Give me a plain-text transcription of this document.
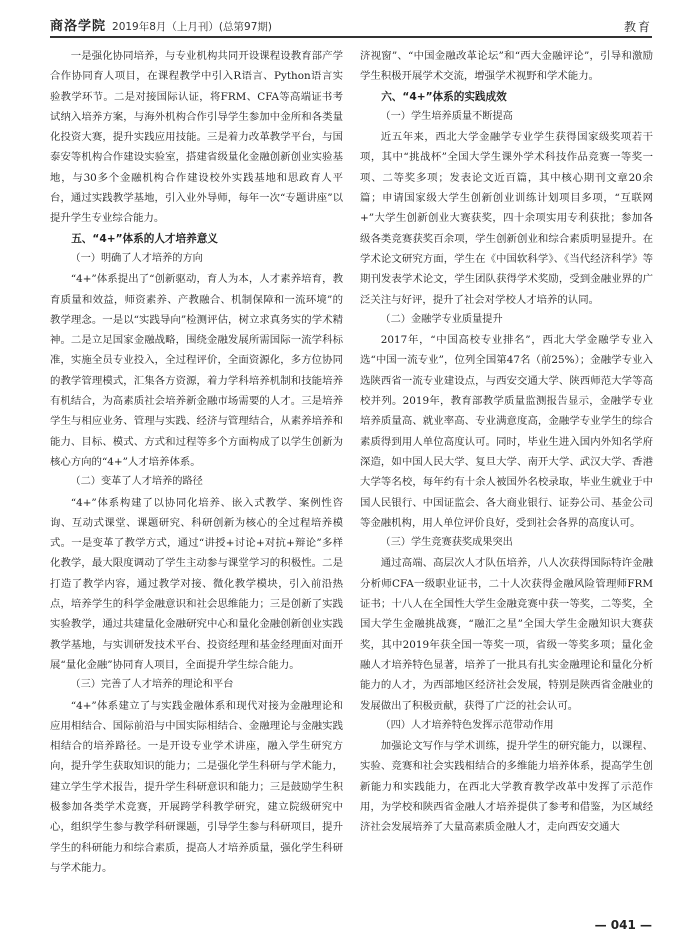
商洛学院 2019年8月（上月刊）(总第97期)	教育

一是强化协同培养，与专业机构共同开设课程设教育部产学合作协同育人项目，在课程教学中引入R语言、Python语言实验教学环节。二是对接国际认证，将FRM、CFA等高端证书考试纳入培养方案，与海外机构合作引导学生参加中金所和各类量化投资大赛，提升实践应用技能。三是着力改革教学平台，与国泰安等机构合作建设实验室，搭建省级量化金融创新创业实验基地，与30多个金融机构合作建设校外实践基地和思政育人平台，通过实践教学基地，引入业外导师，每年一次“专题讲座”以提升学生专业综合能力。

五、“4+”体系的人才培养意义

（一）明确了人才培养的方向

“4+”体系提出了“创新驱动，育人为本，人才素养培育，教育质量和效益，师资素养、产教融合、机制保障和一流环境”的教学理念。一是以“实践导向”检测评估，树立求真务实的学术精神。二是立足国家金融战略，围绕金融发展所需国际一流学科标准，实施全员专业投入，全过程评价，全面资源化，多方位协同的教学管理模式，汇集各方资源，着力学科培养机制和技能培养有机结合，为高素质社会培养新金融市场需要的人才。三是培养学生与相应业务、管理与实践、经济与管理结合，从素养培养和能力、目标、模式、方式和过程等多个方面构成了以学生创新为核心方向的“4+”人才培养体系。

（二）变革了人才培养的路径

“4+”体系构建了以协同化培养、嵌入式教学、案例性咨询、互动式课堂、课题研究、科研创新为核心的全过程培养模式。一是变革了教学方式，通过“讲授+讨论+对抗+辩论”多样化教学，最大限度调动了学生主动参与课堂学习的积极性。二是打造了教学内容，通过教学对接、微化教学模块，引入前沿热点，培养学生的科学金融意识和社会思维能力；三是创新了实践实验教学，通过共建量化金融研究中心和量化金融创新创业实践教学基地，与实训研发技术平台、投资经理和基金经理面对面开展“量化金融”协同育人项目，全面提升学生综合能力。

（三）完善了人才培养的理论和平台

“4+”体系建立了与实践金融体系和现代对接为金融理论和应用相结合、国际前沿与中国实际相结合、金融理论与金融实践相结合的培养路径。一是开设专业学术讲座，融入学生研究方向，提升学生获取知识的能力；二是强化学生科研与学术能力，建立学生学术报告，提升学生科研意识和能力；三是鼓励学生积极参加各类学术竞赛，开展跨学科教学研究，建立院级研究中心，组织学生参与教学科研课题，引导学生参与科研项目，提升学生的科研能力和综合素质，提高人才培养质量，强化学生科研与学术能力。

济视窗”、“中国金融改革论坛”和“西大金融评论”，引导和激励学生积极开展学术交流，增强学术视野和学术能力。

六、“4+”体系的实践成效

（一）学生培养质量不断提高

近五年来，西北大学金融学专业学生获得国家级奖项若干项，其中“挑战杯”全国大学生课外学术科技作品竞赛一等奖一项、二等奖多项；发表论文近百篇，其中核心期刊文章20余篇；申请国家级大学生创新创业训练计划项目多项，“互联网+”大学生创新创业大赛获奖，四十余项实用专利获批；参加各级各类竞赛获奖百余项，学生创新创业和综合素质明显提升。在学术论文研究方面，学生在《中国软科学》、《当代经济科学》等期刊发表学术论文，学生团队获得学术奖励，受到金融业界的广泛关注与好评，提升了社会对学校人才培养的认同。

（二）金融学专业质量提升

2017年，“中国高校专业排名”，西北大学金融学专业入选“中国一流专业”，位列全国第47名（前25%）；金融学专业入选陕西省一流专业建设点，与西安交通大学、陕西师范大学等高校并列。2019年，教育部教学质量监测报告显示，金融学专业培养质量高、就业率高、专业满意度高，金融学专业学生的综合素质得到用人单位高度认可。同时，毕业生进入国内外知名学府深造，如中国人民大学、复旦大学、南开大学、武汉大学、香港大学等名校，每年约有十余人被国外名校录取，毕业生就业于中国人民银行、中国证监会、各大商业银行、证券公司、基金公司等金融机构，用人单位评价良好，受到社会各界的高度认可。

（三）学生竞赛获奖成果突出

通过高端、高层次人才队伍培养，八人次获得国际特许金融分析师CFA一级职业证书，二十人次获得金融风险管理师FRM证书；十八人在全国性大学生金融竞赛中获一等奖，二等奖，全国大学生金融挑战赛，“融汇之星”全国大学生金融知识大赛获奖，其中2019年获全国一等奖一项，省级一等奖多项；量化金融人才培养特色显著，培养了一批具有扎实金融理论和量化分析能力的人才，为西部地区经济社会发展，特别是陕西省金融业的发展做出了积极贡献，获得了广泛的社会认可。

（四）人才培养特色发挥示范带动作用

加强论文写作与学术训练，提升学生的研究能力，以课程、实验、竞赛和社会实践相结合的多维能力培养体系，提高学生创新能力和实践能力，在西北大学教育教学改革中发挥了示范作用，为学校和陕西省金融人才培养提供了参考和借鉴，为区域经济社会发展培养了大量高素质金融人才，走向西安交通大

— 041 —
